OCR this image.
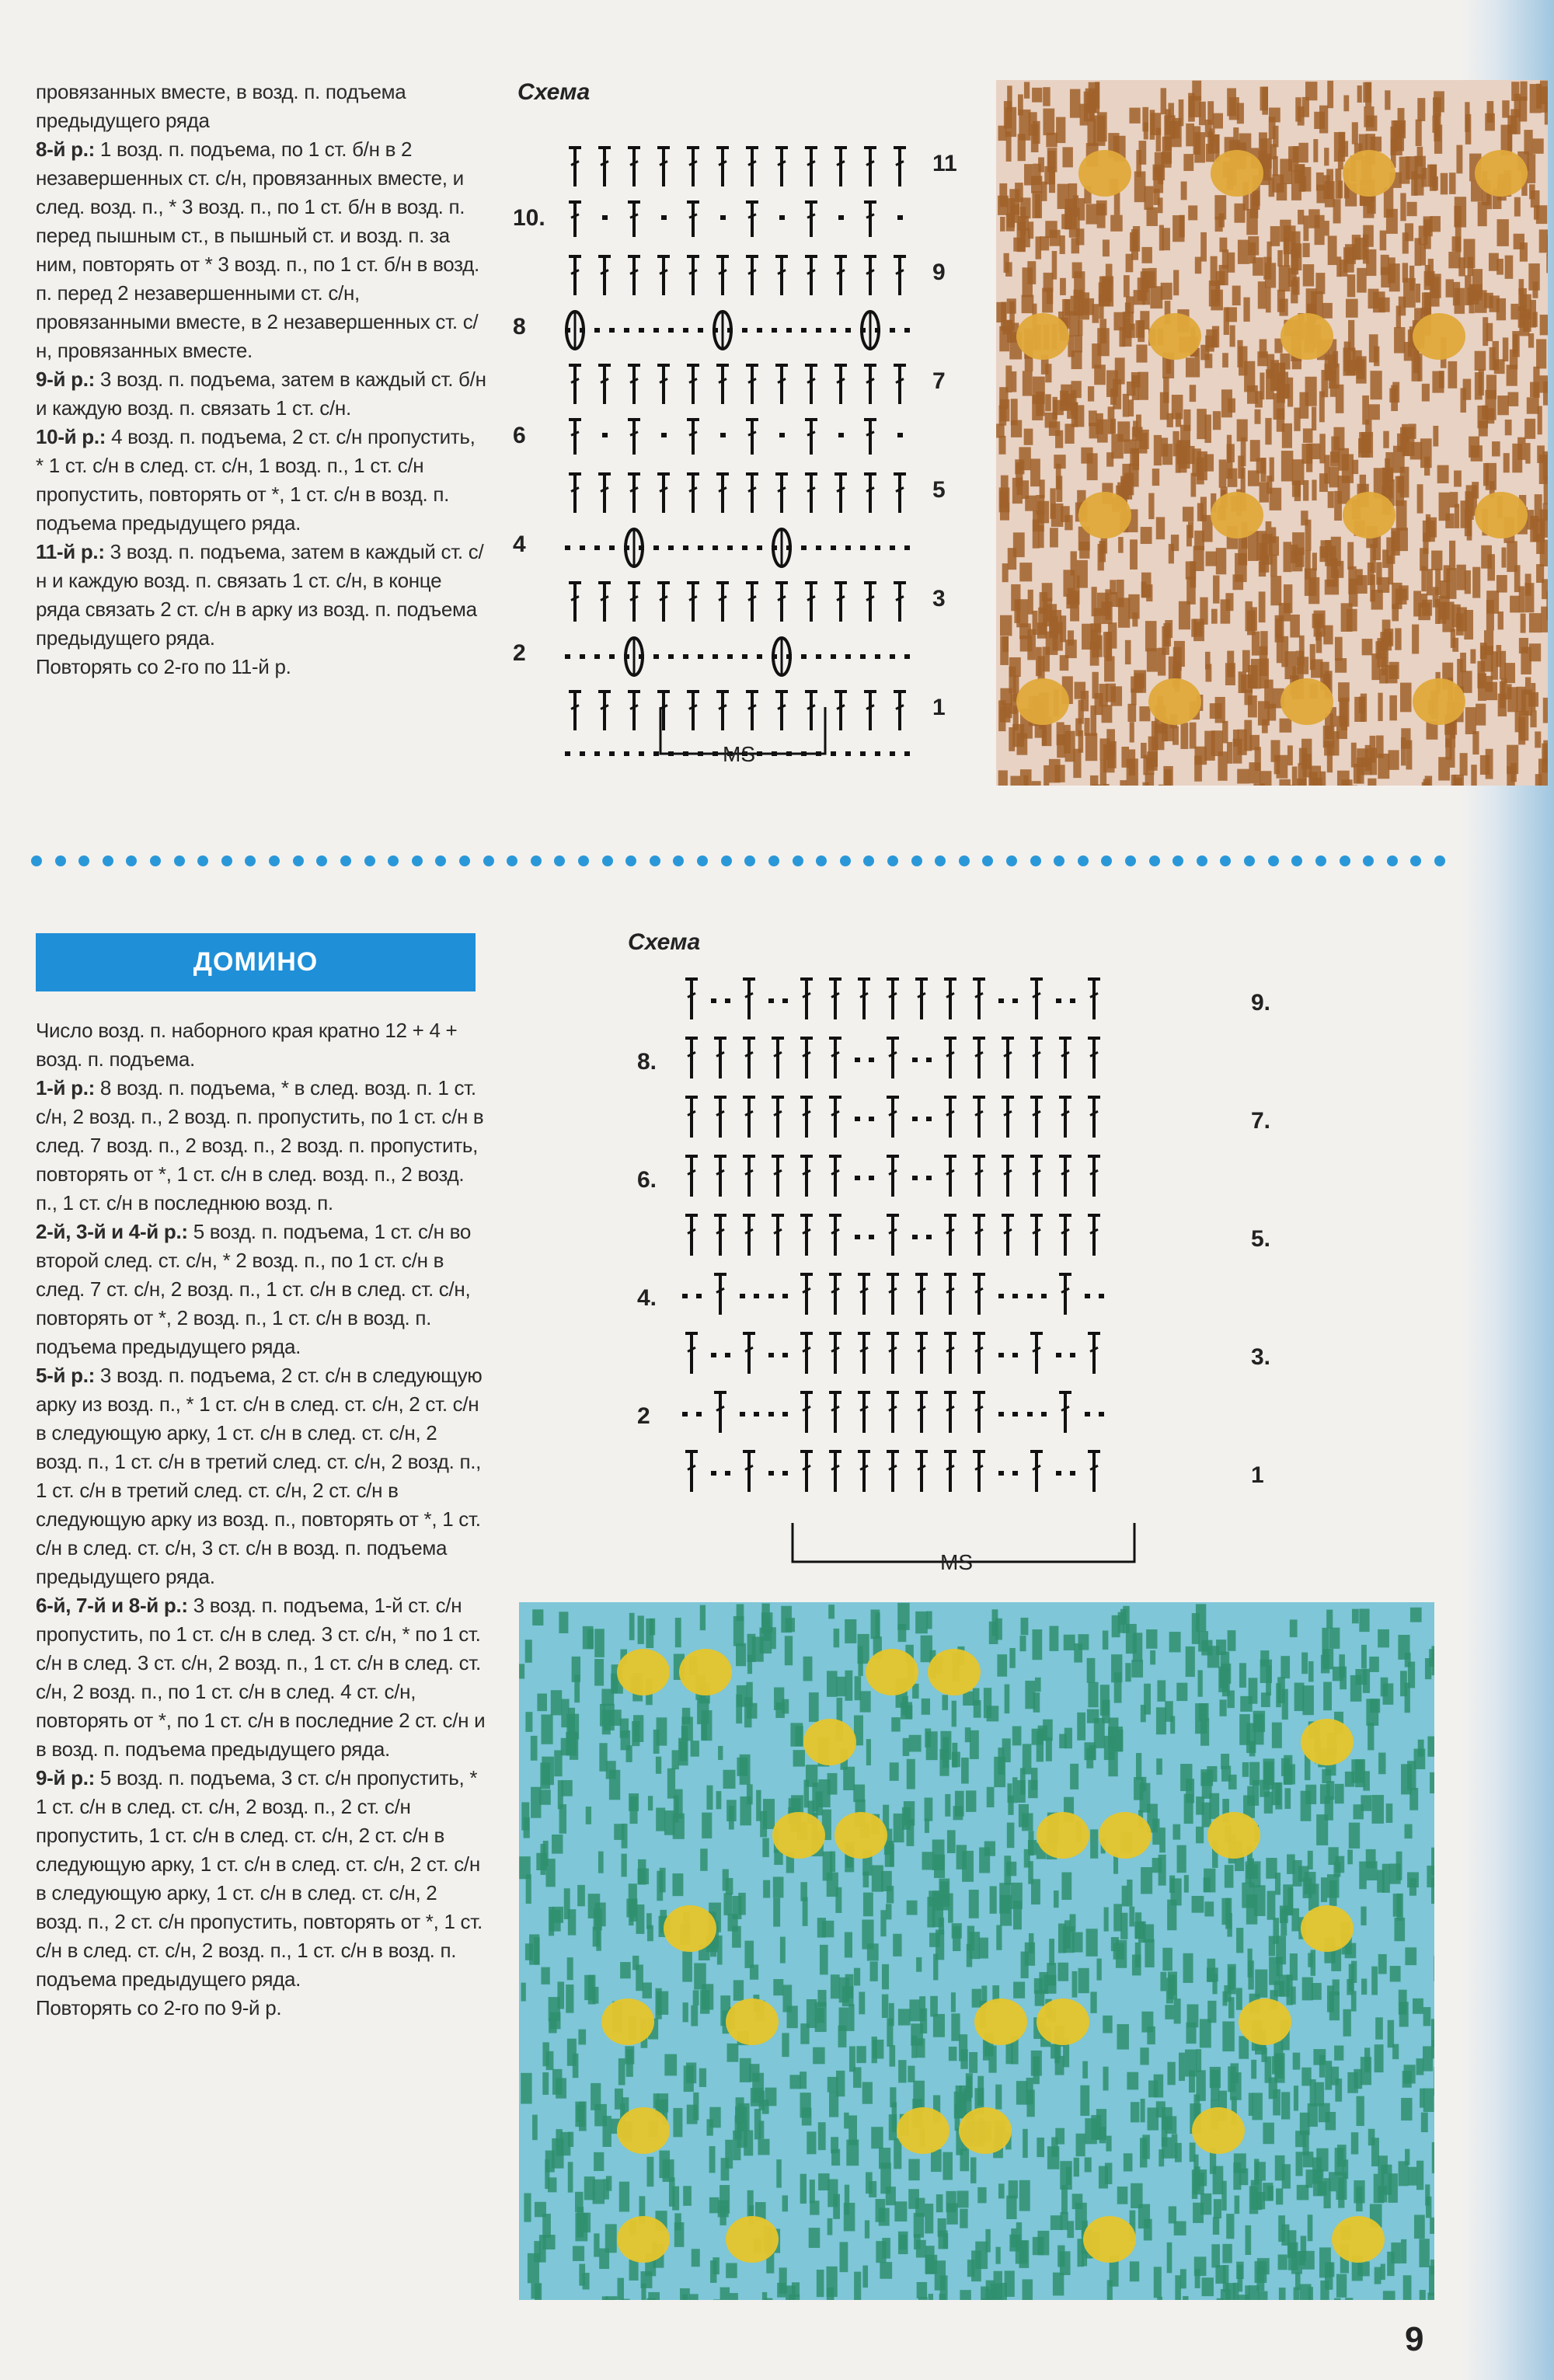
провязанных вместе, в возд. п. подъема предыдущего ряда

8-й р.: 1 возд. п. подъема, по 1 ст. б/н в 2 незавершенных ст. с/н, провязанных вместе, и след. возд. п., * 3 возд. п., по 1 ст. б/н в возд. п. перед пышным ст., в пышный ст. и возд. п. за ним, повторять от * 3 возд. п., по 1 ст. б/н в возд. п. перед 2 незавершенными ст. с/н, провязанными вместе, в 2 незавершенных ст. с/н, провязанных вместе.

9-й р.: 3 возд. п. подъема, затем в каждый ст. б/н и каждую возд. п. связать 1 ст. с/н.

10-й р.: 4 возд. п. подъема, 2 ст. с/н пропустить, * 1 ст. с/н в след. ст. с/н, 1 возд. п., 1 ст. с/н пропустить, повторять от *, 1 ст. с/н в возд. п. подъема предыдущего ряда.

11-й р.: 3 возд. п. подъема, затем в каждый ст. с/н и каждую возд. п. связать 1 ст. с/н, в конце ряда связать 2 ст. с/н в арку из возд. п. подъема предыдущего ряда.

Повторять со 2-го по 11-й р.

Схема
10.
8
6
4
2
11
9
7
5
3
1
MS
ДОМИНО

Число возд. п. наборного края кратно 12 + 4 + возд. п. подъема.

1-й р.: 8 возд. п. подъема, * в след. возд. п. 1 ст. с/н, 2 возд. п., 2 возд. п. пропустить, по 1 ст. с/н в след. 7 возд. п., 2 возд. п., 2 возд. п. пропустить, повторять от *, 1 ст. с/н в след. возд. п., 2 возд. п., 1 ст. с/н в последнюю возд. п.

2-й, 3-й и 4-й р.: 5 возд. п. подъема, 1 ст. с/н во второй след. ст. с/н, * 2 возд. п., по 1 ст. с/н в след. 7 ст. с/н, 2 возд. п., 1 ст. с/н в след. ст. с/н, повторять от *, 2 возд. п., 1 ст. с/н в возд. п. подъема предыдущего ряда.

5-й р.: 3 возд. п. подъема, 2 ст. с/н в следующую арку из возд. п., * 1 ст. с/н в след. ст. с/н, 2 ст. с/н в следующую арку, 1 ст. с/н в след. ст. с/н, 2 возд. п., 1 ст. с/н в третий след. ст. с/н, 2 возд. п., 1 ст. с/н в третий след. ст. с/н, 2 ст. с/н в следующую арку из возд. п., повторять от *, 1 ст. с/н в след. ст. с/н, 3 ст. с/н в возд. п. подъема предыдущего ряда.

6-й, 7-й и 8-й р.: 3 возд. п. подъема, 1-й ст. с/н пропустить, по 1 ст. с/н в след. 3 ст. с/н, * по 1 ст. с/н в след. 3 ст. с/н, 2 возд. п., 1 ст. с/н в след. ст. с/н, 2 возд. п., по 1 ст. с/н в след. 4 ст. с/н, повторять от *, по 1 ст. с/н в последние 2 ст. с/н и в возд. п. подъема предыдущего ряда.

9-й р.: 5 возд. п. подъема, 3 ст. с/н пропустить, * 1 ст. с/н в след. ст. с/н, 2 возд. п., 2 ст. с/н пропустить, 1 ст. с/н в след. ст. с/н, 2 ст. с/н в следующую арку, 1 ст. с/н в след. ст. с/н, 2 ст. с/н в следующую арку, 1 ст. с/н в след. ст. с/н, 2 возд. п., 2 ст. с/н пропустить, повторять от *, 1 ст. с/н в след. ст. с/н, 2 возд. п., 1 ст. с/н в возд. п. подъема предыдущего ряда.

Повторять со 2-го по 9-й р.

Схема
8.
6.
4.
2
9.
7.
5.
3.
1
MS
9
